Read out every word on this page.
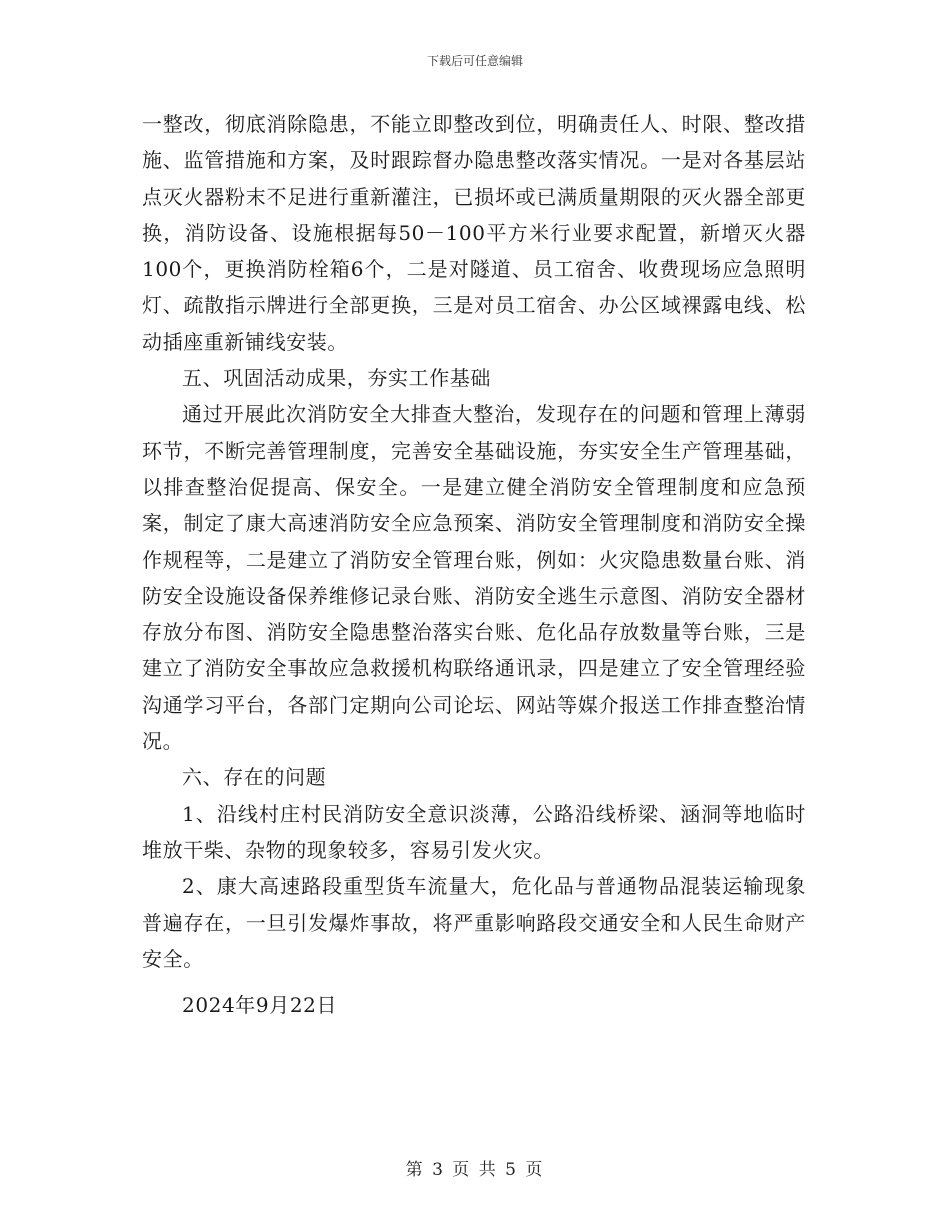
下载后可任意编辑

一整改，彻底消除隐患，不能立即整改到位，明确责任人、时限、整改措施、监管措施和方案，及时跟踪督办隐患整改落实情况。一是对各基层站点灭火器粉末不足进行重新灌注，已损坏或已满质量期限的灭火器全部更换，消防设备、设施根据每50－100平方米行业要求配置，新增灭火器100个，更换消防栓箱6个，二是对隧道、员工宿舍、收费现场应急照明灯、疏散指示牌进行全部更换，三是对员工宿舍、办公区域裸露电线、松动插座重新铺线安装。

五、巩固活动成果，夯实工作基础

通过开展此次消防安全大排查大整治，发现存在的问题和管理上薄弱环节，不断完善管理制度，完善安全基础设施，夯实安全生产管理基础，以排查整治促提高、保安全。一是建立健全消防安全管理制度和应急预案，制定了康大高速消防安全应急预案、消防安全管理制度和消防安全操作规程等，二是建立了消防安全管理台账，例如：火灾隐患数量台账、消防安全设施设备保养维修记录台账、消防安全逃生示意图、消防安全器材存放分布图、消防安全隐患整治落实台账、危化品存放数量等台账，三是建立了消防安全事故应急救援机构联络通讯录，四是建立了安全管理经验沟通学习平台，各部门定期向公司论坛、网站等媒介报送工作排查整治情况。

六、存在的问题

1、沿线村庄村民消防安全意识淡薄，公路沿线桥梁、涵洞等地临时堆放干柴、杂物的现象较多，容易引发火灾。

2、康大高速路段重型货车流量大，危化品与普通物品混装运输现象普遍存在，一旦引发爆炸事故，将严重影响路段交通安全和人民生命财产安全。

2024年9月22日

第 3 页 共 5 页
